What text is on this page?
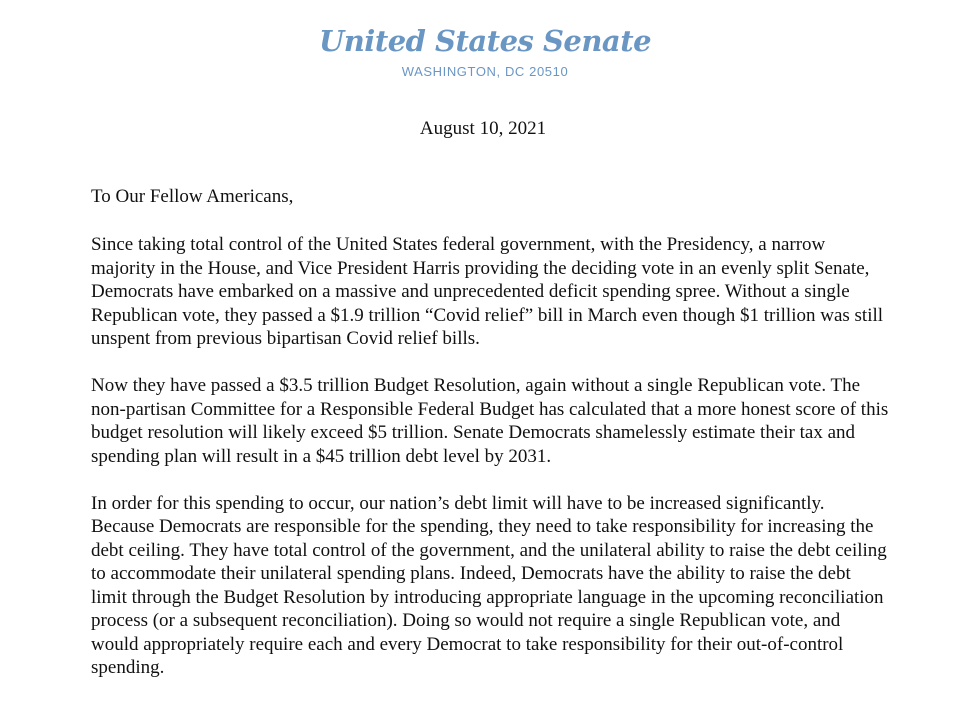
United States Senate
WASHINGTON, DC 20510
August 10, 2021

To Our Fellow Americans,

Since taking total control of the United States federal government, with the Presidency, a narrow majority in the House, and Vice President Harris providing the deciding vote in an evenly split Senate, Democrats have embarked on a massive and unprecedented deficit spending spree. Without a single Republican vote, they passed a $1.9 trillion “Covid relief” bill in March even though $1 trillion was still unspent from previous bipartisan Covid relief bills.

Now they have passed a $3.5 trillion Budget Resolution, again without a single Republican vote. The non-partisan Committee for a Responsible Federal Budget has calculated that a more honest score of this budget resolution will likely exceed $5 trillion. Senate Democrats shamelessly estimate their tax and spending plan will result in a $45 trillion debt level by 2031.

In order for this spending to occur, our nation’s debt limit will have to be increased significantly. Because Democrats are responsible for the spending, they need to take responsibility for increasing the debt ceiling. They have total control of the government, and the unilateral ability to raise the debt ceiling to accommodate their unilateral spending plans. Indeed, Democrats have the ability to raise the debt limit through the Budget Resolution by introducing appropriate language in the upcoming reconciliation process (or a subsequent reconciliation). Doing so would not require a single Republican vote, and would appropriately require each and every Democrat to take responsibility for their out-of-control spending.
